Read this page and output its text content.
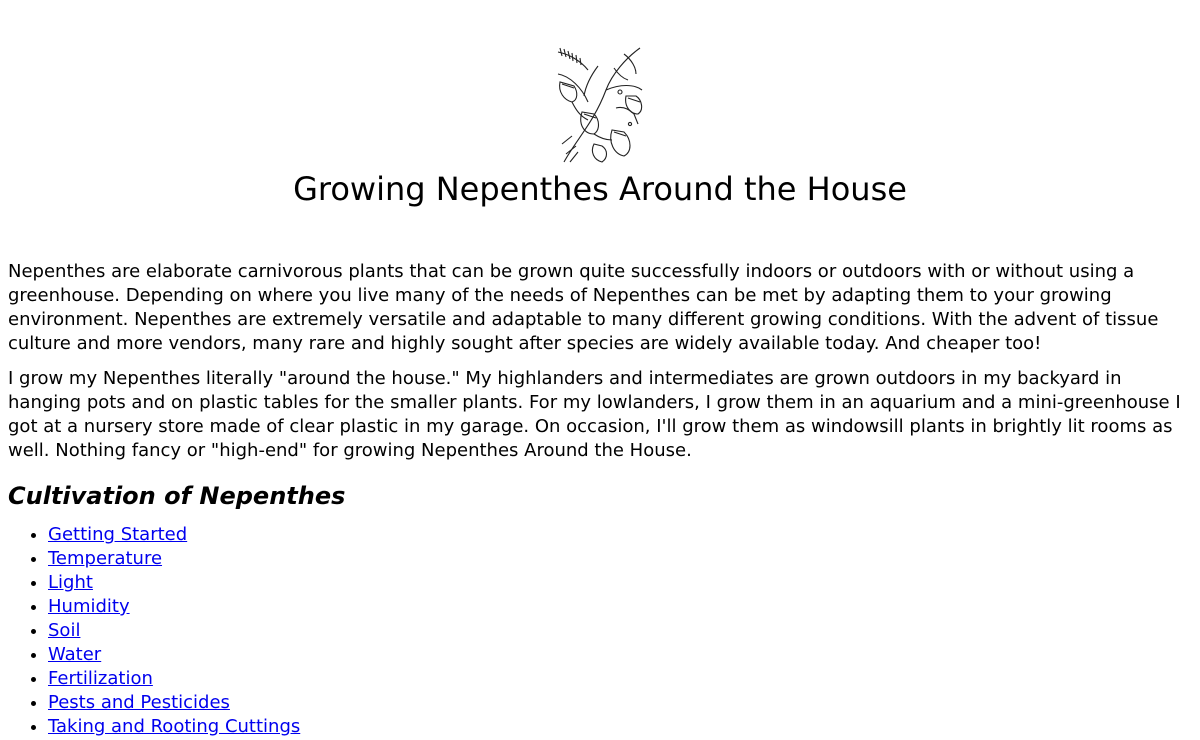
Growing Nepenthes Around the House

Nepenthes are elaborate carnivorous plants that can be grown quite successfully indoors or outdoors with or without using a greenhouse. Depending on where you live many of the needs of Nepenthes can be met by adapting them to your growing environment. Nepenthes are extremely versatile and adaptable to many different growing conditions. With the advent of tissue culture and more vendors, many rare and highly sought after species are widely available today. And cheaper too!

I grow my Nepenthes literally "around the house." My highlanders and intermediates are grown outdoors in my backyard in hanging pots and on plastic tables for the smaller plants. For my lowlanders, I grow them in an aquarium and a mini-greenhouse I got at a nursery store made of clear plastic in my garage. On occasion, I'll grow them as windowsill plants in brightly lit rooms as well. Nothing fancy or "high-end" for growing Nepenthes Around the House.

Cultivation of Nepenthes
• Getting Started
• Temperature
• Light
• Humidity
• Soil
• Water
• Fertilization
• Pests and Pesticides
• Taking and Rooting Cuttings
